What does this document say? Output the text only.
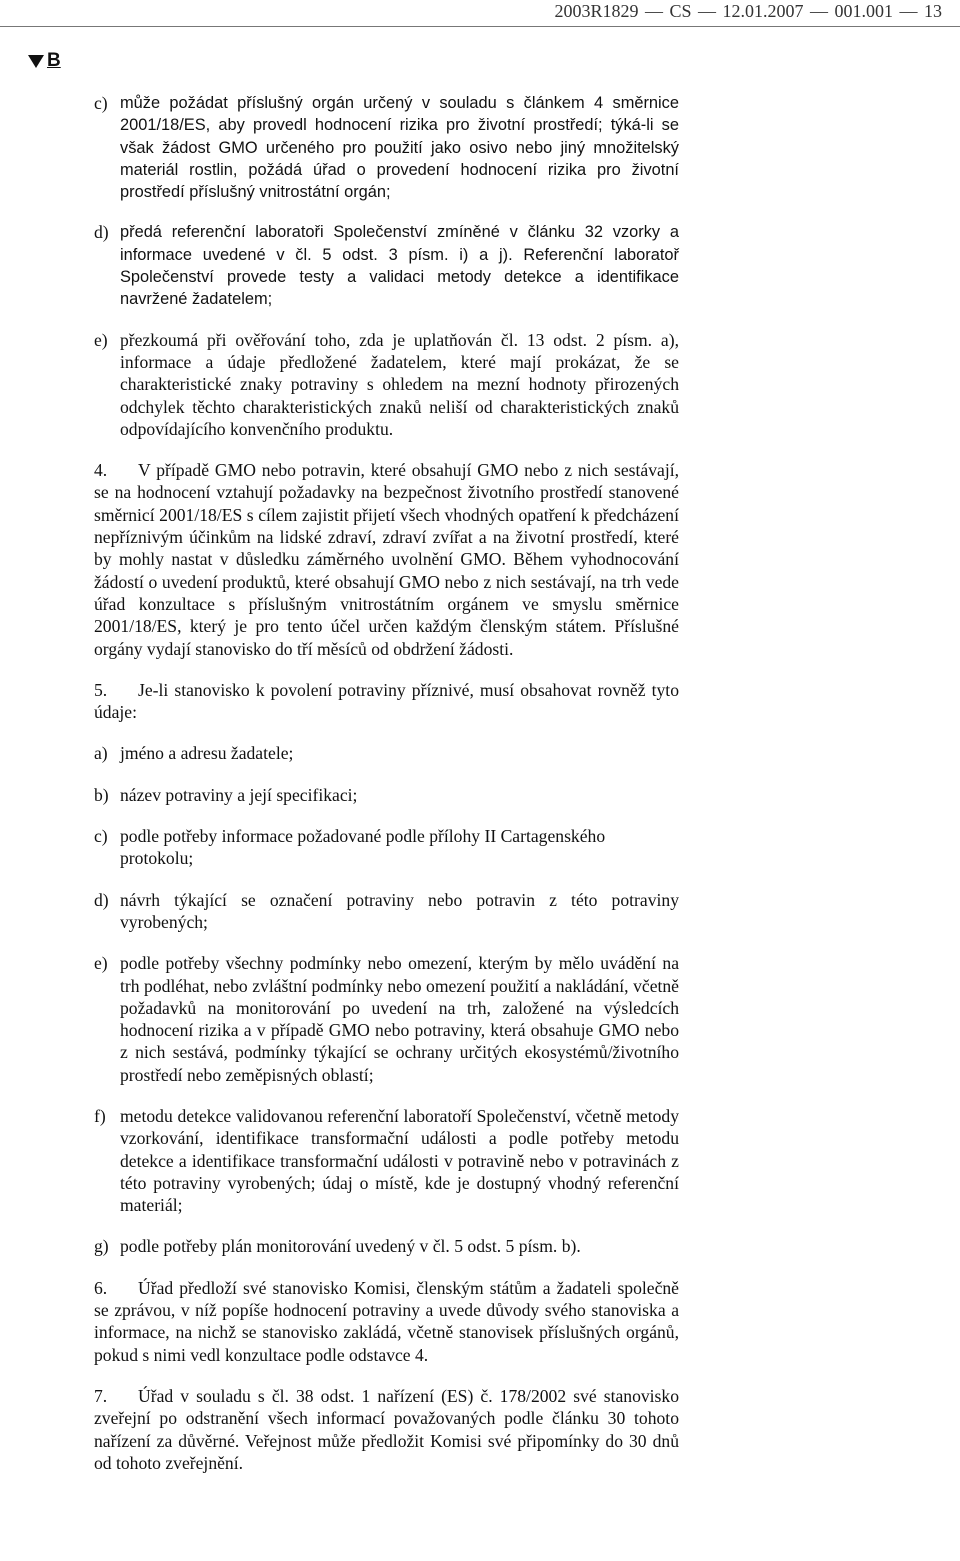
2003R1829 — CS — 12.01.2007 — 001.001 — 13
B
c) může požádat příslušný orgán určený v souladu s článkem 4 směrnice 2001/18/ES, aby provedl hodnocení rizika pro životní prostředí; týká-li se však žádost GMO určeného pro použití jako osivo nebo jiný množitelský materiál rostlin, požádá úřad o provedení hodnocení rizika pro životní prostředí příslušný vnitrostátní orgán;
d) předá referenční laboratoři Společenství zmíněné v článku 32 vzorky a informace uvedené v čl. 5 odst. 3 písm. i) a j). Referenční laboratoř Společenství provede testy a validaci metody detekce a identifikace navržené žadatelem;
e) přezkoumá při ověřování toho, zda je uplatňován čl. 13 odst. 2 písm. a), informace a údaje předložené žadatelem, které mají prokázat, že se charakteristické znaky potraviny s ohledem na mezní hodnoty přirozených odchylek těchto charakteristických znaků neliší od charakteristických znaků odpovídajícího konvenčního produktu.

4. V případě GMO nebo potravin, které obsahují GMO nebo z nich sestávají, se na hodnocení vztahují požadavky na bezpečnost životního prostředí stanovené směrnicí 2001/18/ES s cílem zajistit přijetí všech vhodných opatření k předcházení nepříznivým účinkům na lidské zdraví, zdraví zvířat a na životní prostředí, které by mohly nastat v důsledku záměrného uvolnění GMO. Během vyhodnocování žádostí o uvedení produktů, které obsahují GMO nebo z nich sestávají, na trh vede úřad konzultace s příslušným vnitrostátním orgánem ve smyslu směrnice 2001/18/ES, který je pro tento účel určen každým členským státem. Příslušné orgány vydají stanovisko do tří měsíců od obdržení žádosti.

5. Je-li stanovisko k povolení potraviny příznivé, musí obsahovat rovněž tyto údaje:

a) jméno a adresu žadatele;
b) název potraviny a její specifikaci;
c) podle potřeby informace požadované podle přílohy II Cartagenského protokolu;
d) návrh týkající se označení potraviny nebo potravin z této potraviny vyrobených;
e) podle potřeby všechny podmínky nebo omezení, kterým by mělo uvádění na trh podléhat, nebo zvláštní podmínky nebo omezení použití a nakládání, včetně požadavků na monitorování po uvedení na trh, založené na výsledcích hodnocení rizika a v případě GMO nebo potraviny, která obsahuje GMO nebo z nich sestává, podmínky týkající se ochrany určitých ekosystémů/životního prostředí nebo zeměpisných oblastí;
f) metodu detekce validovanou referenční laboratoří Společenství, včetně metody vzorkování, identifikace transformační události a podle potřeby metodu detekce a identifikace transformační události v potravině nebo v potravinách z této potraviny vyrobených; údaj o místě, kde je dostupný vhodný referenční materiál;
g) podle potřeby plán monitorování uvedený v čl. 5 odst. 5 písm. b).

6. Úřad předloží své stanovisko Komisi, členským státům a žadateli společně se zprávou, v níž popíše hodnocení potraviny a uvede důvody svého stanoviska a informace, na nichž se stanovisko zakládá, včetně stanovisek příslušných orgánů, pokud s nimi vedl konzultace podle odstavce 4.

7. Úřad v souladu s čl. 38 odst. 1 nařízení (ES) č. 178/2002 své stanovisko zveřejní po odstranění všech informací považovaných podle článku 30 tohoto nařízení za důvěrné. Veřejnost může předložit Komisi své připomínky do 30 dnů od tohoto zveřejnění.
